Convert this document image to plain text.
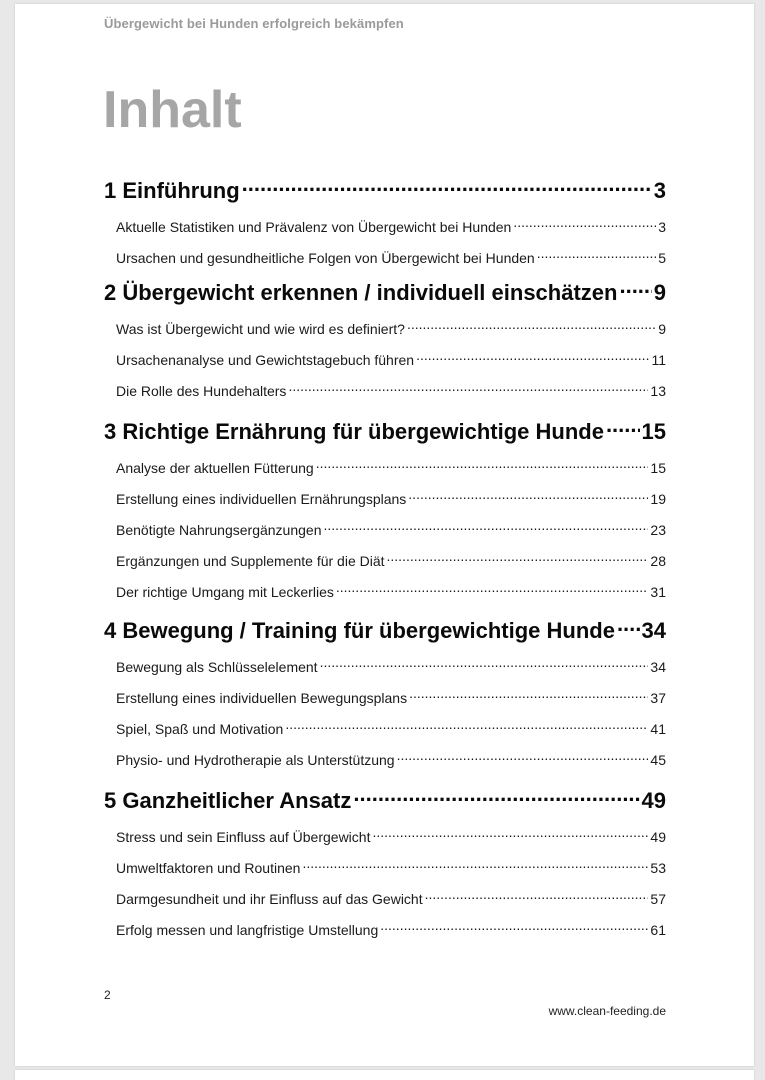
Übergewicht bei Hunden erfolgreich bekämpfen
Inhalt
1 Einführung .....	3
Aktuelle Statistiken und Prävalenz von Übergewicht bei Hunden .....	3
Ursachen und gesundheitliche Folgen von Übergewicht bei Hunden .....	5
2 Übergewicht erkennen / individuell einschätzen ..... 9
Was ist Übergewicht und wie wird es definiert? .....	9
Ursachenanalyse und Gewichtstagebuch führen .....	11
Die Rolle des Hundehalters .....	13
3 Richtige Ernährung für übergewichtige Hunde ..... 15
Analyse der aktuellen Fütterung .....	15
Erstellung eines individuellen Ernährungsplans .....	19
Benötigte Nahrungsergänzungen .....	23
Ergänzungen und Supplemente für die Diät .....	28
Der richtige Umgang mit Leckerlies .....	31
4 Bewegung / Training für übergewichtige Hunde ..... 34
Bewegung als Schlüsselelement .....	34
Erstellung eines individuellen Bewegungsplans .....	37
Spiel, Spaß und Motivation .....	41
Physio- und Hydrotherapie als Unterstützung .....	45
5 Ganzheitlicher Ansatz .....	49
Stress und sein Einfluss auf Übergewicht .....	49
Umweltfaktoren und Routinen .....	53
Darmgesundheit und ihr Einfluss auf das Gewicht .....	57
Erfolg messen und langfristige Umstellung .....	61
2
www.clean-feeding.de
